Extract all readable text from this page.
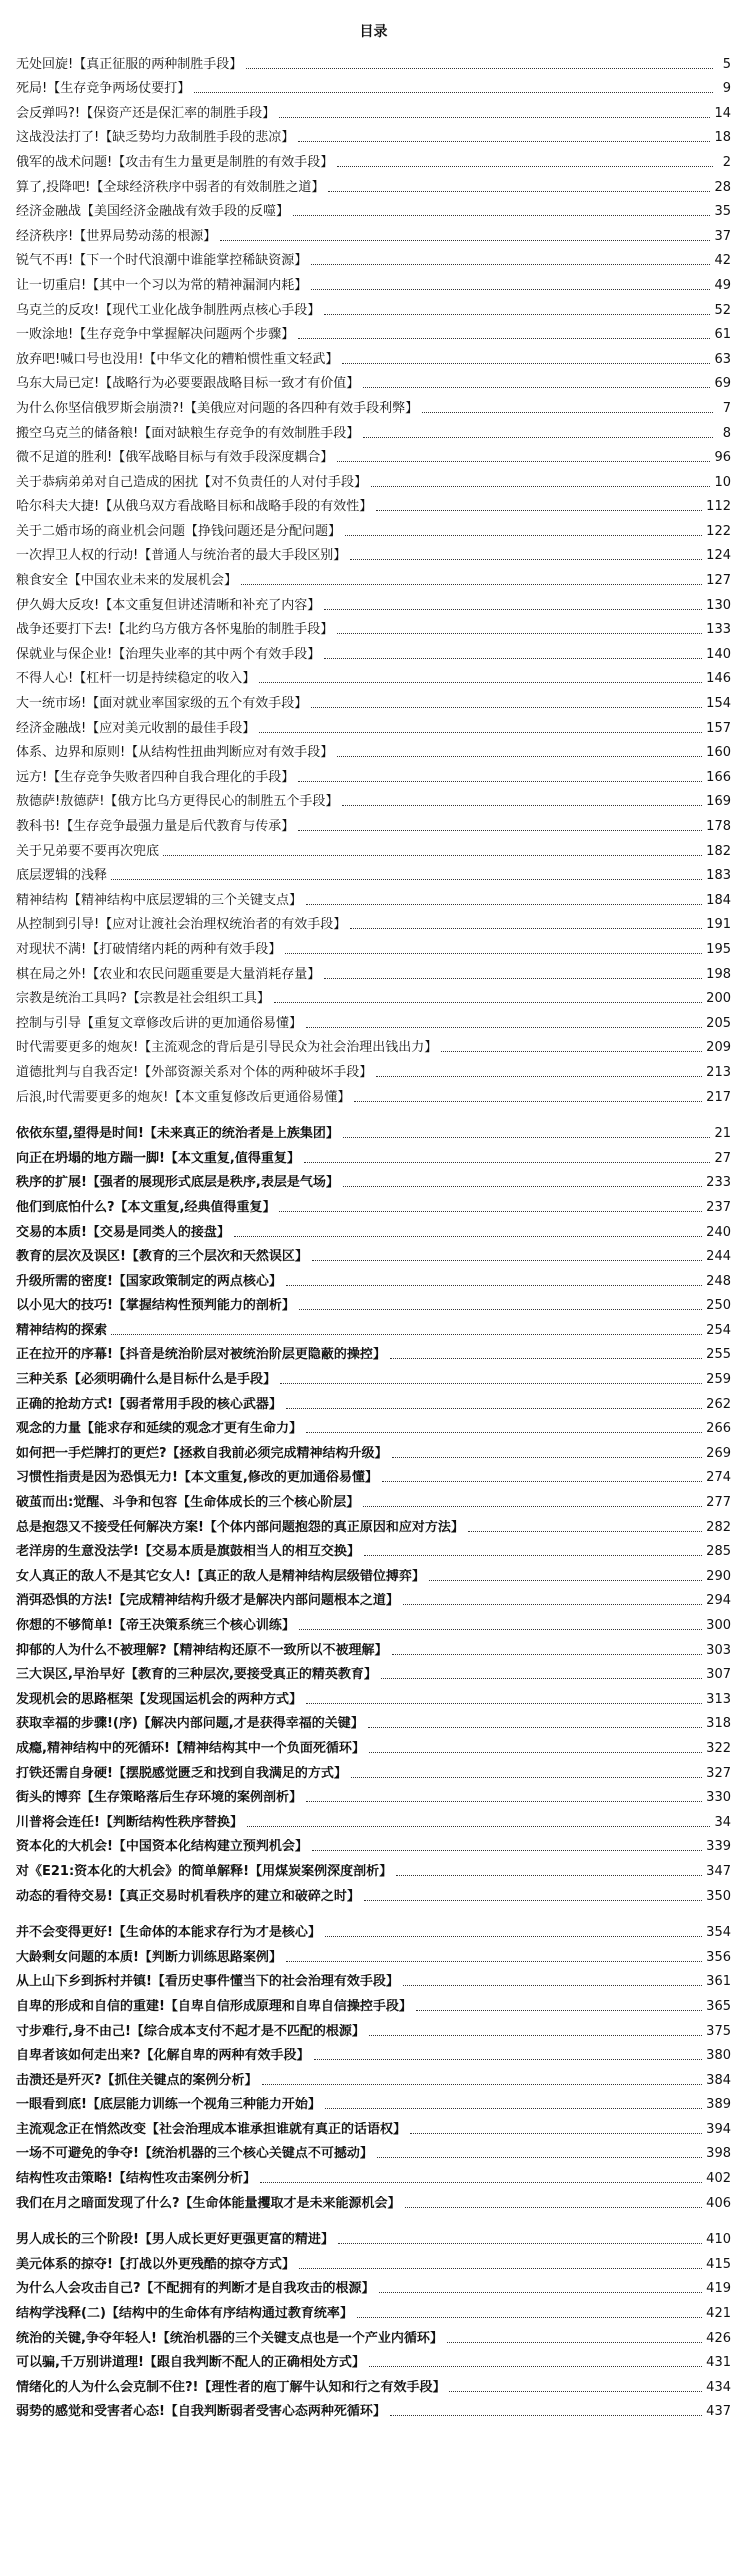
目录
无处回旋!【真正征服的两种制胜手段】	5
死局!【生存竞争两场仗要打】	9
会反弹吗?!【保资产还是保汇率的制胜手段】	14
这战没法打了!【缺乏势均力敌制胜手段的悲凉】	18
俄军的战术问题!【攻击有生力量更是制胜的有效手段】	2
算了,投降吧!【全球经济秩序中弱者的有效制胜之道】	28
经济金融战【美国经济金融战有效手段的反噬】	35
经济秩序!【世界局势动荡的根源】	37
锐气不再!【下一个时代浪潮中谁能掌控稀缺资源】	42
让一切重启!【其中一个习以为常的精神漏洞内耗】	49
乌克兰的反攻!【现代工业化战争制胜两点核心手段】	52
一败涂地!【生存竞争中掌握解决问题两个步骤】	61
放弃吧!喊口号也没用!【中华文化的糟粕惯性重文轻武】	63
乌东大局已定!【战略行为必要要跟战略目标一致才有价值】	69
为什么你坚信俄罗斯会崩溃?!【美俄应对问题的各四种有效手段利弊】	7
搬空乌克兰的储备粮!【面对缺粮生存竞争的有效制胜手段】	8
微不足道的胜利!【俄军战略目标与有效手段深度耦合】	96
关于恭病弟弟对自己造成的困扰【对不负责任的人对付手段】	10
哈尔科夫大捷!【从俄乌双方看战略目标和战略手段的有效性】	112
关于二婚市场的商业机会问题【挣钱问题还是分配问题】	122
一次捍卫人权的行动!【普通人与统治者的最大手段区别】	124
粮食安全【中国农业未来的发展机会】	127
伊久姆大反攻!【本文重复但讲述清晰和补充了内容】	130
战争还要打下去!【北约乌方俄方各怀鬼胎的制胜手段】	133
保就业与保企业!【治理失业率的其中两个有效手段】	140
不得人心!【杠杆一切是持续稳定的收入】	146
大一统市场!【面对就业率国家级的五个有效手段】	154
经济金融战!【应对美元收割的最佳手段】	157
体系、边界和原则!【从结构性扭曲判断应对有效手段】	160
远方!【生存竞争失败者四种自我合理化的手段】	166
敖德萨!敖德萨!【俄方比乌方更得民心的制胜五个手段】	169
教科书!【生存竞争最强力量是后代教育与传承】	178
关于兄弟要不要再次兜底	182
底层逻辑的浅释	183
精神结构【精神结构中底层逻辑的三个关键支点】	184
从控制到引导!【应对让渡社会治理权统治者的有效手段】	191
对现状不满!【打破情绪内耗的两种有效手段】	195
棋在局之外!【农业和农民问题重要是大量消耗存量】	198
宗教是统治工具吗?【宗教是社会组织工具】	200
控制与引导【重复文章修改后讲的更加通俗易懂】	205
时代需要更多的炮灰!【主流观念的背后是引导民众为社会治理出钱出力】	209
道德批判与自我否定!【外部资源关系对个体的两种破坏手段】	213
后浪,时代需要更多的炮灰!【本文重复修改后更通俗易懂】	217
依依东望,望得是时间!【未来真正的统治者是上族集团】	21
向正在坍塌的地方踹一脚!【本文重复,值得重复】	27
秩序的扩展!【强者的展现形式底层是秩序,表层是气场】	233
他们到底怕什么?【本文重复,经典值得重复】	237
交易的本质!【交易是同类人的接盘】	240
教育的层次及误区!【教育的三个层次和天然误区】	244
升级所需的密度!【国家政策制定的两点核心】	248
以小见大的技巧!【掌握结构性预判能力的剖析】	250
精神结构的探索	254
正在拉开的序幕!【抖音是统治阶层对被统治阶层更隐蔽的操控】	255
三种关系【必须明确什么是目标什么是手段】	259
正确的抢劫方式!【弱者常用手段的核心武器】	262
观念的力量【能求存和延续的观念才更有生命力】	266
如何把一手烂牌打的更烂?【拯救自我前必须完成精神结构升级】	269
习惯性指责是因为恐惧无力!【本文重复,修改的更加通俗易懂】	274
破茧而出:觉醒、斗争和包容【生命体成长的三个核心阶层】	277
总是抱怨又不接受任何解决方案!【个体内部问题抱怨的真正原因和应对方法】	282
老洋房的生意没法学!【交易本质是旗鼓相当人的相互交换】	285
女人真正的敌人不是其它女人!【真正的敌人是精神结构层级错位搏弈】	290
消弭恐惧的方法!【完成精神结构升级才是解决内部问题根本之道】	294
你想的不够简单!【帝王决策系统三个核心训练】	300
抑郁的人为什么不被理解?【精神结构还原不一致所以不被理解】	303
三大误区,早治早好【教育的三种层次,要接受真正的精英教育】	307
发现机会的思路框架【发现国运机会的两种方式】	313
获取幸福的步骤!(序)【解决内部问题,才是获得幸福的关键】	318
成瘾,精神结构中的死循环!【精神结构其中一个负面死循环】	322
打铁还需自身硬!【摆脱感觉匮乏和找到自我满足的方式】	327
街头的博弈【生存策略落后生存环境的案例剖析】	330
川普将会连任!【判断结构性秩序替换】	34
资本化的大机会!【中国资本化结构建立预判机会】	339
对《E21:资本化的大机会》的简单解释!【用煤炭案例深度剖析】	347
动态的看待交易!【真正交易时机看秩序的建立和破碎之时】	350
并不会变得更好!【生命体的本能求存行为才是核心】	354
大龄剩女问题的本质!【判断力训练思路案例】	356
从上山下乡到拆村并镇!【看历史事件懂当下的社会治理有效手段】	361
自卑的形成和自信的重建!【自卑自信形成原理和自卑自信操控手段】	365
寸步难行,身不由己!【综合成本支付不起才是不匹配的根源】	375
自卑者该如何走出来?【化解自卑的两种有效手段】	380
击溃还是歼灭?【抓住关键点的案例分析】	384
一眼看到底!【底层能力训练一个视角三种能力开始】	389
主流观念正在悄然改变【社会治理成本谁承担谁就有真正的话语权】	394
一场不可避免的争夺!【统治机器的三个核心关键点不可撼动】	398
结构性攻击策略!【结构性攻击案例分析】	402
我们在月之暗面发现了什么?【生命体能量攫取才是未来能源机会】	406
男人成长的三个阶段!【男人成长更好更强更富的精进】	410
美元体系的掠夺!【打战以外更残酷的掠夺方式】	415
为什么人会攻击自己?【不配拥有的判断才是自我攻击的根源】	419
结构学浅释(二)【结构中的生命体有序结构通过教育统率】	421
统治的关键,争夺年轻人!【统治机器的三个关键支点也是一个产业内循环】	426
可以骗,千万别讲道理!【跟自我判断不配人的正确相处方式】	431
情绪化的人为什么会克制不住?!【理性者的庖丁解牛认知和行之有效手段】	434
弱势的感觉和受害者心态!【自我判断弱者受害心态两种死循环】	437
